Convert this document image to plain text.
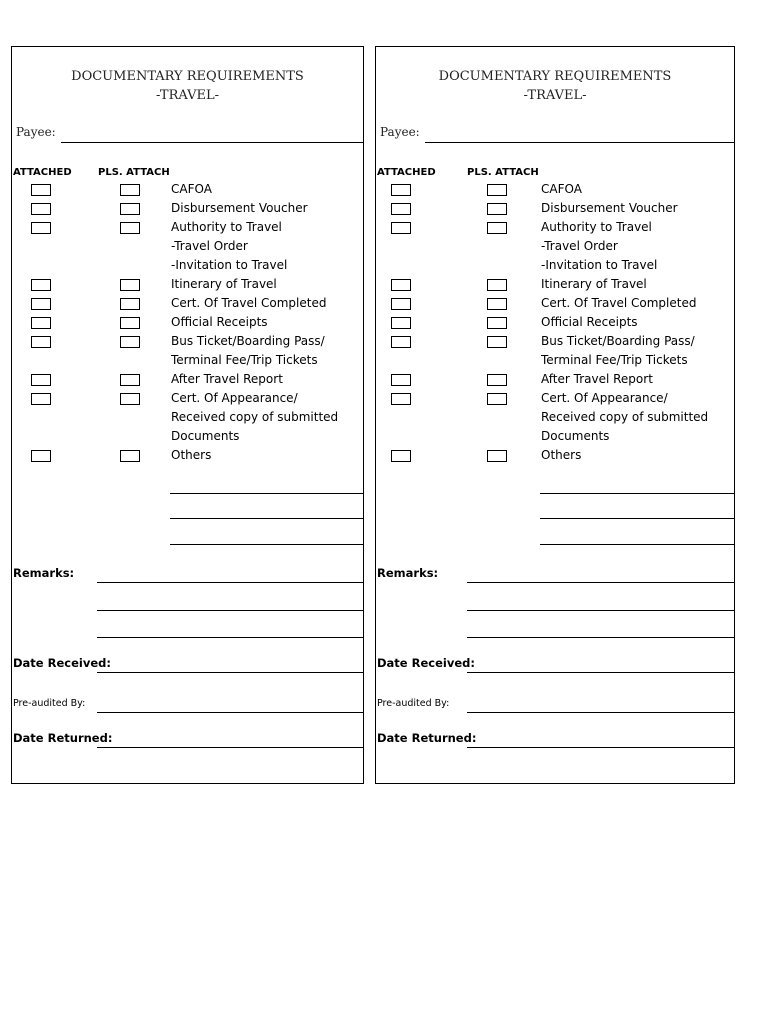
DOCUMENTARY REQUIREMENTS
-TRAVEL-
Payee:
ATTACHED	PLS. ATTACH
CAFOA
Disbursement Voucher
Authority to Travel
-Travel Order
-Invitation to Travel
Itinerary of Travel
Cert. Of Travel Completed
Official Receipts
Bus Ticket/Boarding Pass/
Terminal Fee/Trip Tickets
After Travel Report
Cert. Of Appearance/
Received copy of submitted
Documents
Others
Remarks:
Date Received:
Pre-audited By:
Date Returned:
DOCUMENTARY REQUIREMENTS
-TRAVEL-
Payee:
ATTACHED	PLS. ATTACH
CAFOA
Disbursement Voucher
Authority to Travel
-Travel Order
-Invitation to Travel
Itinerary of Travel
Cert. Of Travel Completed
Official Receipts
Bus Ticket/Boarding Pass/
Terminal Fee/Trip Tickets
After Travel Report
Cert. Of Appearance/
Received copy of submitted
Documents
Others
Remarks:
Date Received:
Pre-audited By:
Date Returned:
